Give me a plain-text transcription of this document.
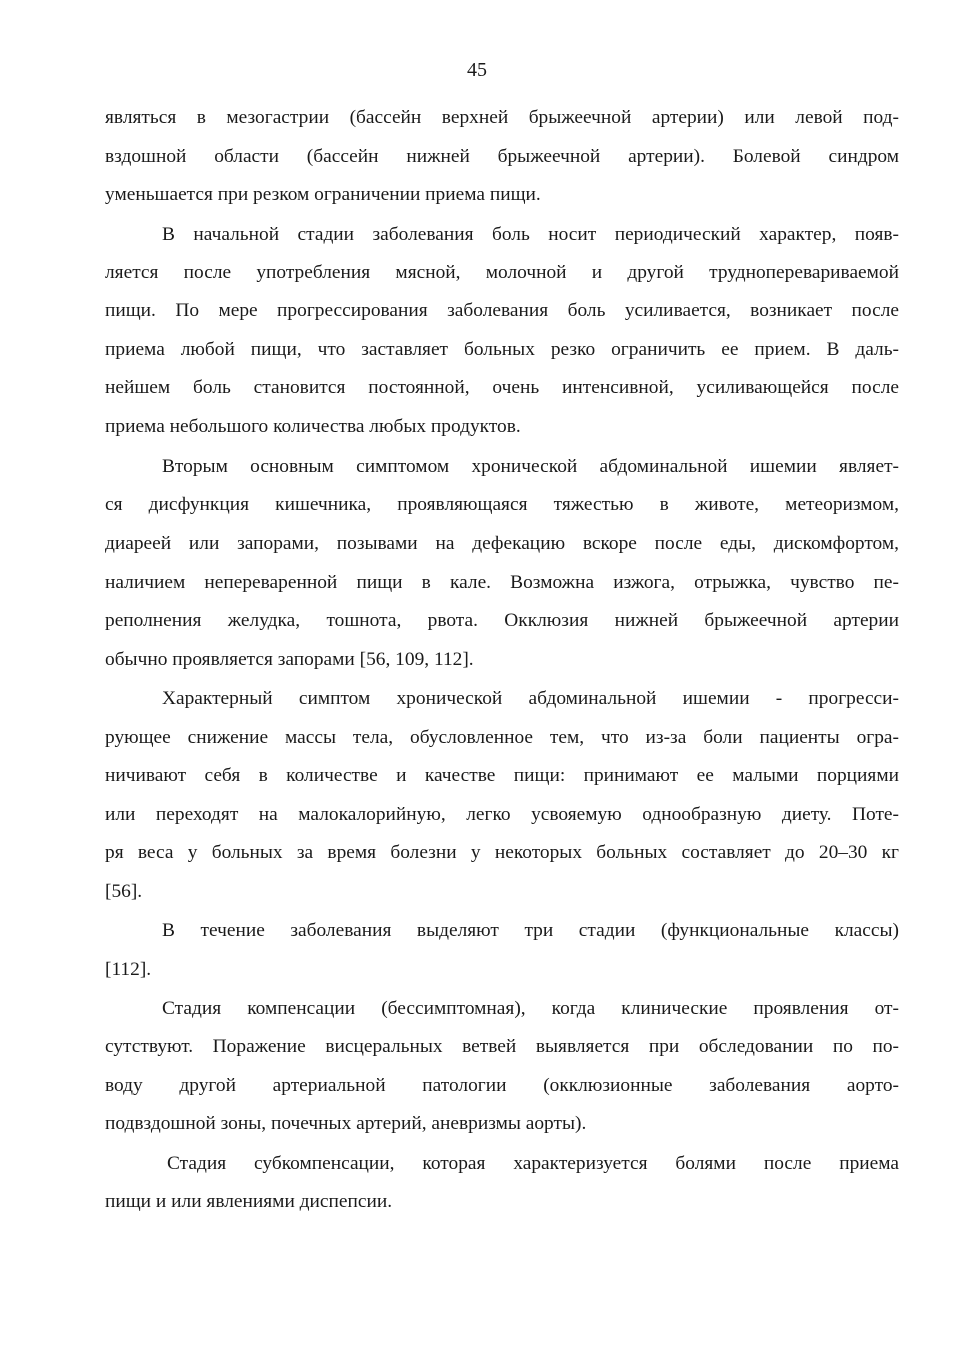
45
являться в мезогастрии (бассейн верхней брыжеечной артерии) или левой под-
вздошной области (бассейн нижней брыжеечной артерии). Болевой синдром
уменьшается при резком ограничении приема пищи.
В начальной стадии заболевания боль носит периодический характер, появ-
ляется после употребления мясной, молочной и другой трудноперевариваемой
пищи. По мере прогрессирования заболевания боль усиливается, возникает после
приема любой пищи, что заставляет больных резко ограничить ее прием. В даль-
нейшем боль становится постоянной, очень интенсивной, усиливающейся после
приема небольшого количества любых продуктов.
Вторым основным симптомом хронической абдоминальной ишемии являет-
ся дисфункция кишечника, проявляющаяся тяжестью в животе, метеоризмом,
диареей или запорами, позывами на дефекацию вскоре после еды, дискомфортом,
наличием непереваренной пищи в кале. Возможна изжога, отрыжка, чувство пе-
реполнения желудка, тошнота, рвота. Окклюзия нижней брыжеечной артерии
обычно проявляется запорами [56, 109, 112].
Характерный симптом хронической абдоминальной ишемии - прогресси-
рующее снижение массы тела, обусловленное тем, что из-за боли пациенты огра-
ничивают себя в количестве и качестве пищи: принимают ее малыми порциями
или переходят на малокалорийную, легко усвояемую однообразную диету. Поте-
ря веса у больных за время болезни у некоторых больных составляет до 20–30 кг
[56].
В течение заболевания выделяют три стадии (функциональные классы)
[112].
Стадия компенсации (бессимптомная), когда клинические проявления от-
сутствуют. Поражение висцеральных ветвей выявляется при обследовании по по-
воду другой артериальной патологии (окклюзионные заболевания аорто-
подвздошной зоны, почечных артерий, аневризмы аорты).
Стадия субкомпенсации, которая характеризуется болями после приема
пищи и или явлениями диспепсии.
